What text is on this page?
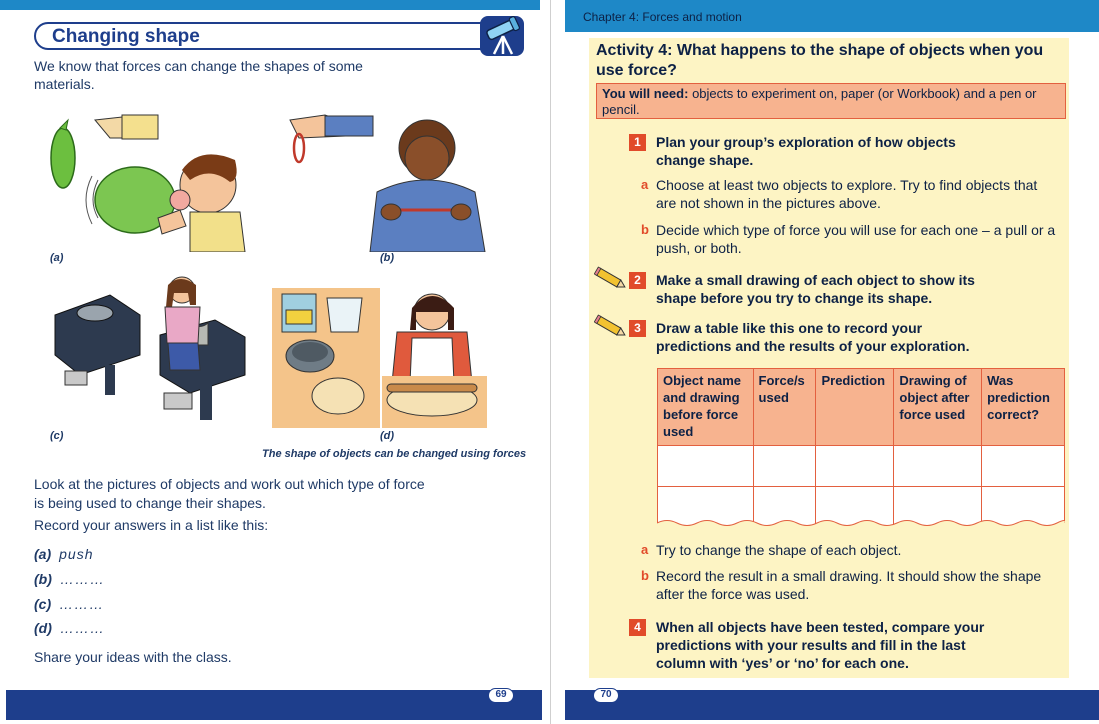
Changing shape
We know that forces can change the shapes of some materials.
(a)	(b)
(c)	(d)
The shape of objects can be changed using forces
Look at the pictures of objects and work out which type of force is being used to change their shapes.
Record your answers in a list like this:
(a) push
(b) ………
(c) ………
(d) ………
Share your ideas with the class.
69
Chapter 4: Forces and motion
Activity 4: What happens to the shape of objects when you use force?
You will need: objects to experiment on, paper (or Workbook) and a pen or pencil.
1	Plan your group’s exploration of how objects change shape.
a Choose at least two objects to explore. Try to find objects that are not shown in the pictures above.
b Decide which type of force you will use for each one – a pull or a push, or both.
2	Make a small drawing of each object to show its shape before you try to change its shape.
3	Draw a table like this one to record your predictions and the results of your exploration.
Object name and drawing before force used	Force/s used	Prediction	Drawing of object after force used	Was prediction correct?

a Try to change the shape of each object.
b Record the result in a small drawing. It should show the shape after the force was used.
4	When all objects have been tested, compare your predictions with your results and fill in the last column with ‘yes’ or ‘no’ for each one.
70
